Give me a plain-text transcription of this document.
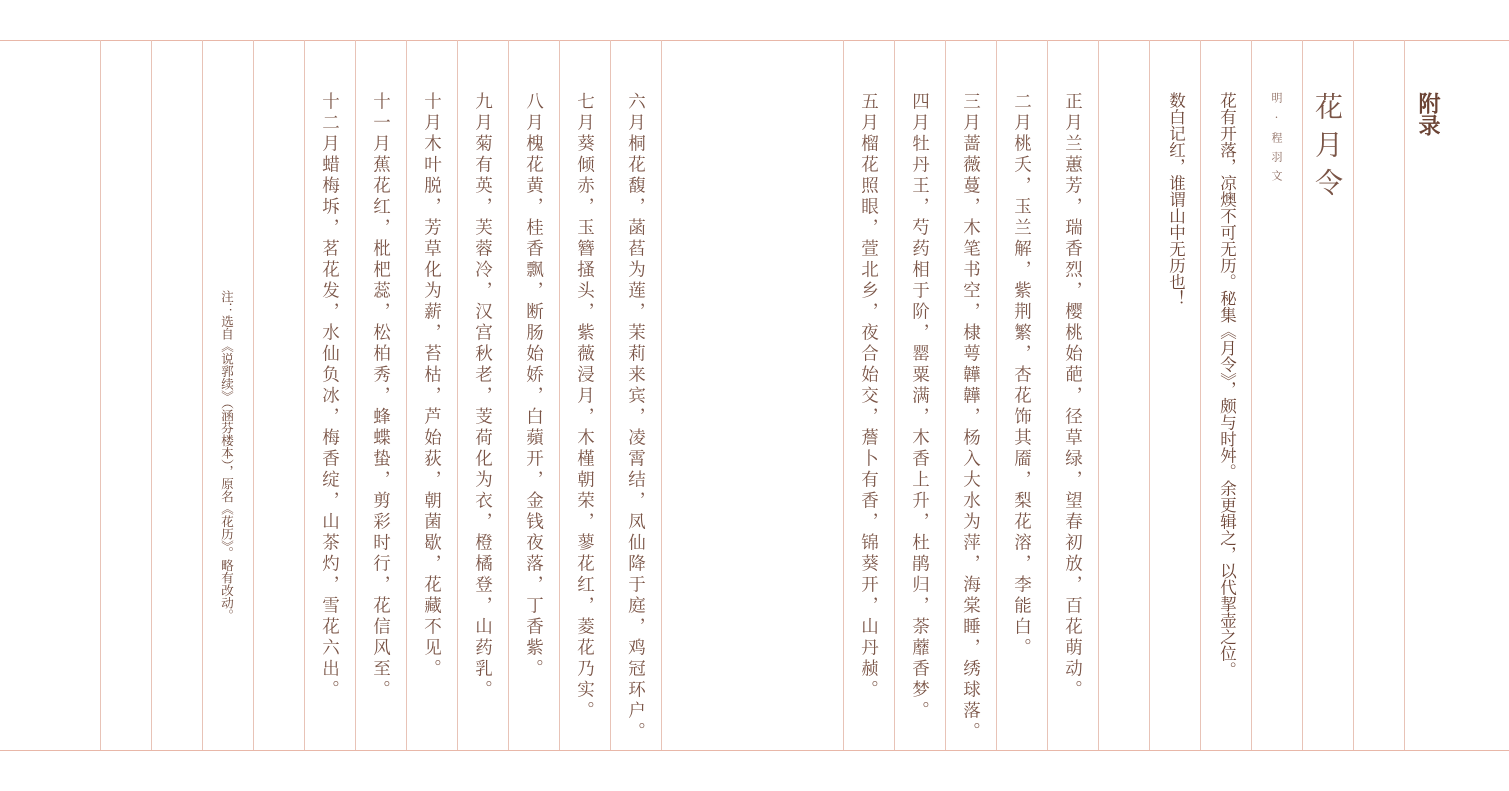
附录
花月令
明·程羽文
花有开落，凉燠不可无历。秘集《月令》，颇与时舛。余更辑之，以代挈壶之位。
数白记红，谁谓山中无历也！
正月兰蕙芳，瑞香烈，樱桃始葩，径草绿，望春初放，百花萌动。
二月桃夭，玉兰解，紫荆繁，杏花饰其靥，梨花溶，李能白。
三月蔷薇蔓，木笔书空，棣萼韡韡，杨入大水为萍，海棠睡，绣球落。
四月牡丹王，芍药相于阶，罂粟满，木香上升，杜鹃归，荼蘼香梦。
五月榴花照眼，萱北乡，夜合始交，薝卜有香，锦葵开，山丹赪。
六月桐花馥，菡萏为莲，茉莉来宾，凌霄结，凤仙降于庭，鸡冠环户。
七月葵倾赤，玉簪搔头，紫薇浸月，木槿朝荣，蓼花红，菱花乃实。
八月槐花黄，桂香飘，断肠始娇，白蘋开，金钱夜落，丁香紫。
九月菊有英，芙蓉冷，汉宫秋老，芰荷化为衣，橙橘登，山药乳。
十月木叶脱，芳草化为薪，苔枯，芦始荻，朝菌歇，花藏不见。
十一月蕉花红，枇杷蕊，松柏秀，蜂蝶蛰，剪彩时行，花信风至。
十二月蜡梅坼，茗花发，水仙负冰，梅香绽，山茶灼，雪花六出。
注：选自《说郛续》（涵芬楼本），原名《花历》。略有改动。
